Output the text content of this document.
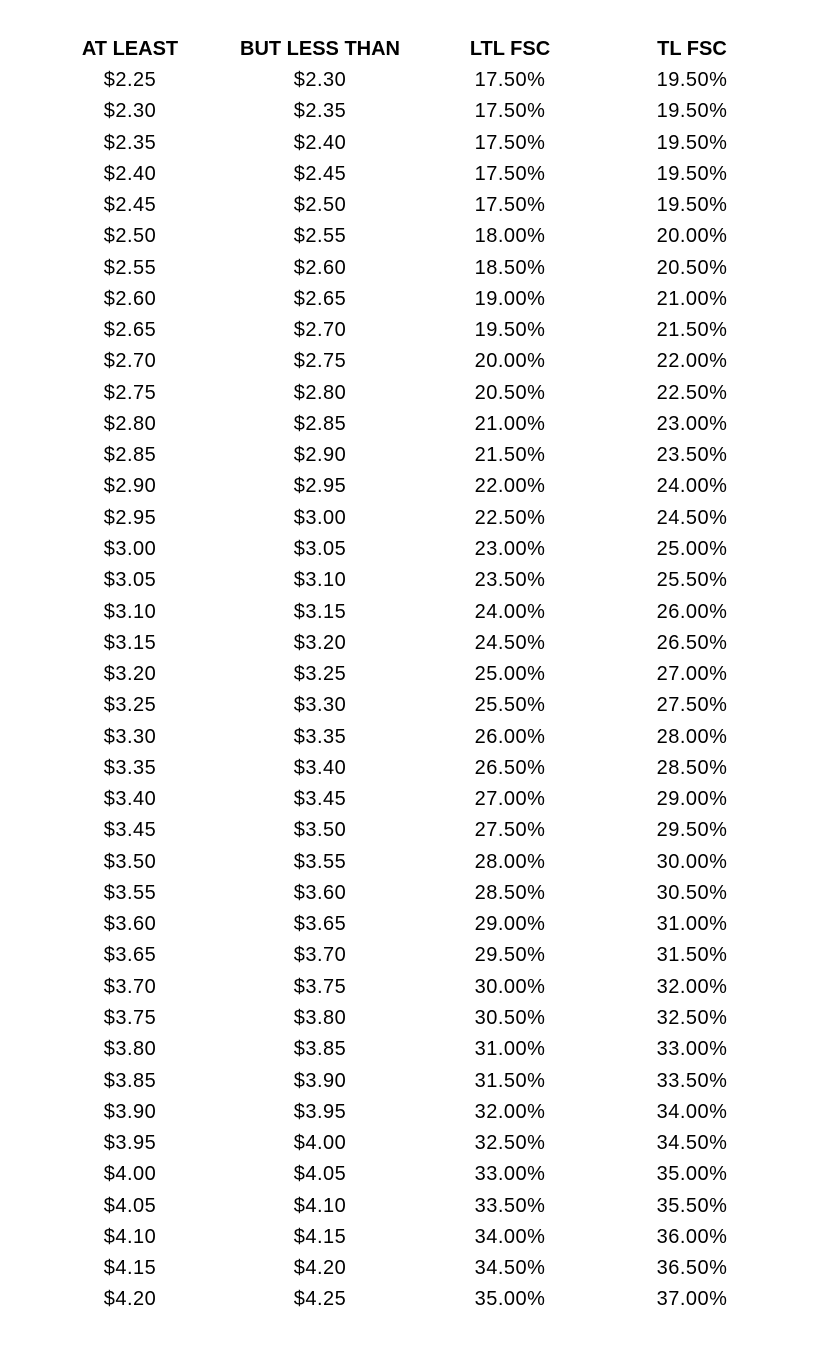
AT LEAST	BUT LESS THAN	LTL FSC	TL FSC
$2.25	$2.30	17.50%	19.50%
$2.30	$2.35	17.50%	19.50%
$2.35	$2.40	17.50%	19.50%
$2.40	$2.45	17.50%	19.50%
$2.45	$2.50	17.50%	19.50%
$2.50	$2.55	18.00%	20.00%
$2.55	$2.60	18.50%	20.50%
$2.60	$2.65	19.00%	21.00%
$2.65	$2.70	19.50%	21.50%
$2.70	$2.75	20.00%	22.00%
$2.75	$2.80	20.50%	22.50%
$2.80	$2.85	21.00%	23.00%
$2.85	$2.90	21.50%	23.50%
$2.90	$2.95	22.00%	24.00%
$2.95	$3.00	22.50%	24.50%
$3.00	$3.05	23.00%	25.00%
$3.05	$3.10	23.50%	25.50%
$3.10	$3.15	24.00%	26.00%
$3.15	$3.20	24.50%	26.50%
$3.20	$3.25	25.00%	27.00%
$3.25	$3.30	25.50%	27.50%
$3.30	$3.35	26.00%	28.00%
$3.35	$3.40	26.50%	28.50%
$3.40	$3.45	27.00%	29.00%
$3.45	$3.50	27.50%	29.50%
$3.50	$3.55	28.00%	30.00%
$3.55	$3.60	28.50%	30.50%
$3.60	$3.65	29.00%	31.00%
$3.65	$3.70	29.50%	31.50%
$3.70	$3.75	30.00%	32.00%
$3.75	$3.80	30.50%	32.50%
$3.80	$3.85	31.00%	33.00%
$3.85	$3.90	31.50%	33.50%
$3.90	$3.95	32.00%	34.00%
$3.95	$4.00	32.50%	34.50%
$4.00	$4.05	33.00%	35.00%
$4.05	$4.10	33.50%	35.50%
$4.10	$4.15	34.00%	36.00%
$4.15	$4.20	34.50%	36.50%
$4.20	$4.25	35.00%	37.00%
